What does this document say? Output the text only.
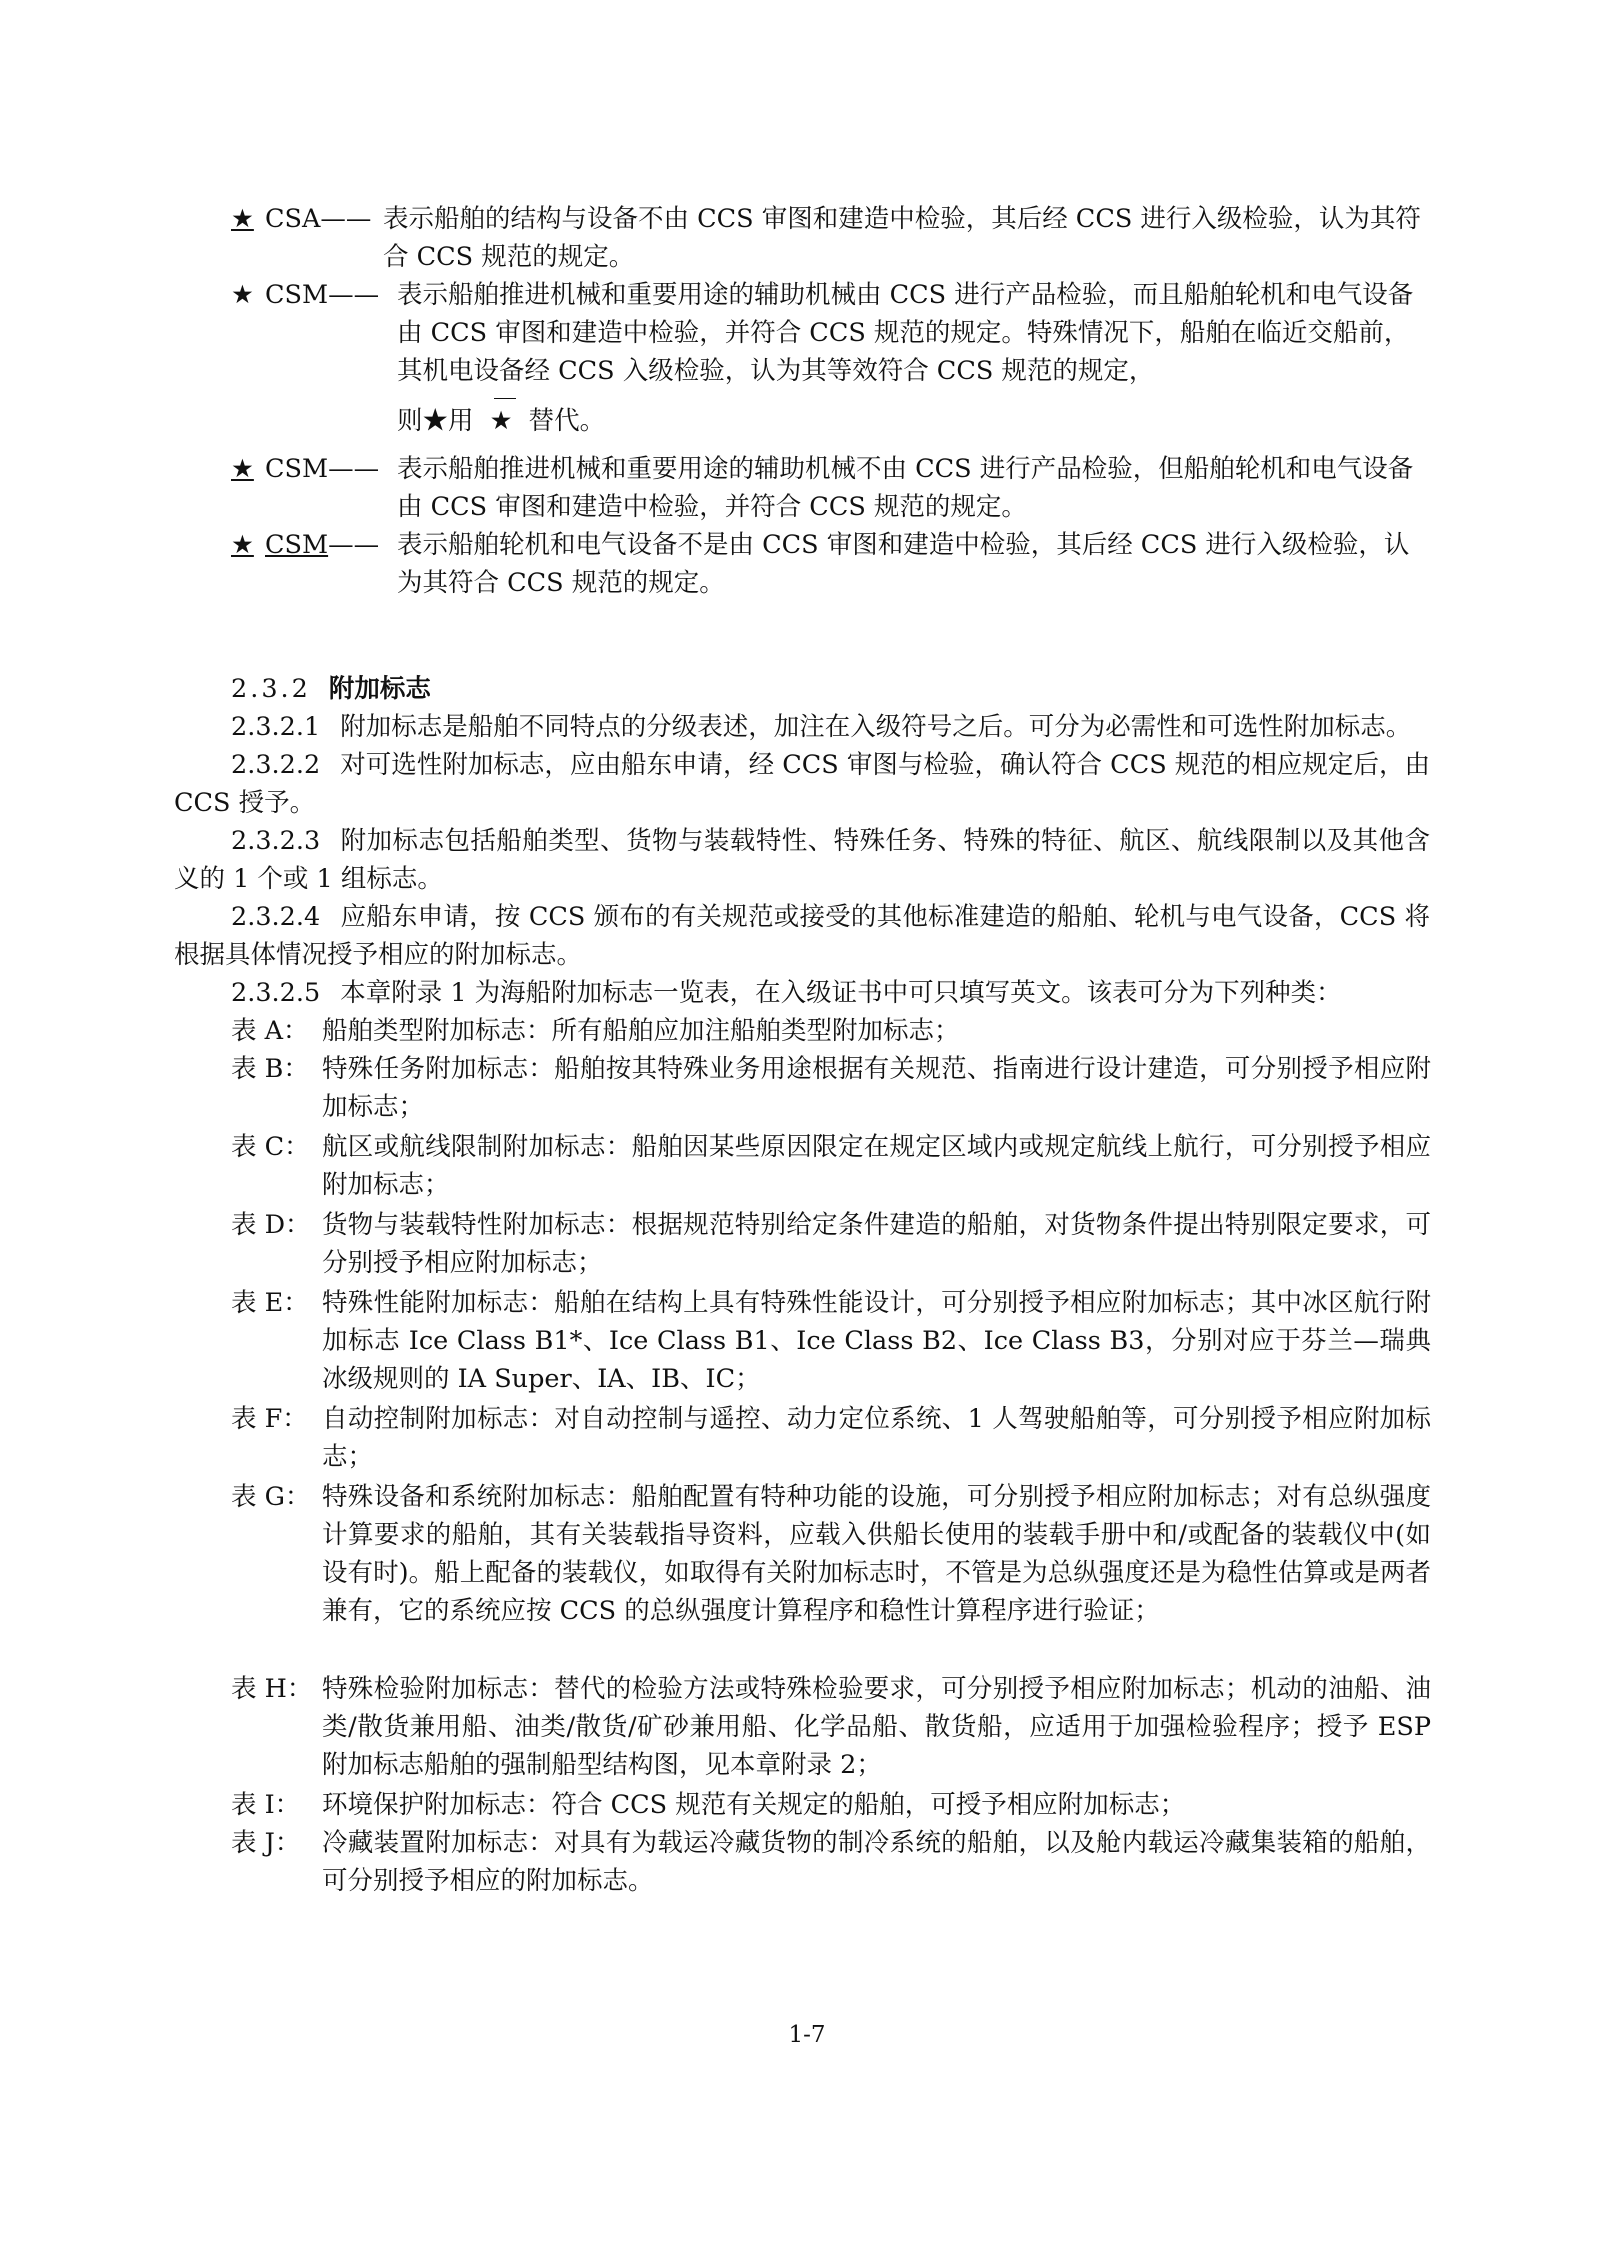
★ CSA—— 表示船舶的结构与设备不由 CCS 审图和建造中检验，其后经 CCS 进行入级检验，认为其符合 CCS 规范的规定。
★ CSM—— 表示船舶推进机械和重要用途的辅助机械由 CCS 进行产品检验，而且船舶轮机和电气设备由 CCS 审图和建造中检验，并符合 CCS 规范的规定。特殊情况下，船舶在临近交船前，其机电设备经 CCS 入级检验，认为其等效符合 CCS 规范的规定，
则★用 ★ 替代。
★ CSM—— 表示船舶推进机械和重要用途的辅助机械不由 CCS 进行产品检验，但船舶轮机和电气设备由 CCS 审图和建造中检验，并符合 CCS 规范的规定。
★ CSM—— 表示船舶轮机和电气设备不是由 CCS 审图和建造中检验，其后经 CCS 进行入级检验，认为其符合 CCS 规范的规定。
2.3.2 附加标志
2.3.2.1 附加标志是船舶不同特点的分级表述，加注在入级符号之后。可分为必需性和可选性附加标志。
2.3.2.2 对可选性附加标志，应由船东申请，经 CCS 审图与检验，确认符合 CCS 规范的相应规定后，由 CCS 授予。
2.3.2.3 附加标志包括船舶类型、货物与装载特性、特殊任务、特殊的特征、航区、航线限制以及其他含义的 1 个或 1 组标志。
2.3.2.4 应船东申请，按 CCS 颁布的有关规范或接受的其他标准建造的船舶、轮机与电气设备，CCS 将根据具体情况授予相应的附加标志。
2.3.2.5 本章附录 1 为海船附加标志一览表，在入级证书中可只填写英文。该表可分为下列种类：
表 A： 船舶类型附加标志：所有船舶应加注船舶类型附加标志；
表 B： 特殊任务附加标志：船舶按其特殊业务用途根据有关规范、指南进行设计建造，可分别授予相应附加标志；
表 C： 航区或航线限制附加标志：船舶因某些原因限定在规定区域内或规定航线上航行，可分别授予相应附加标志；
表 D： 货物与装载特性附加标志：根据规范特别给定条件建造的船舶，对货物条件提出特别限定要求，可分别授予相应附加标志；
表 E： 特殊性能附加标志：船舶在结构上具有特殊性能设计，可分别授予相应附加标志；其中冰区航行附加标志 Ice Class B1*、Ice Class B1、Ice Class B2、Ice Class B3，分别对应于芬兰—瑞典冰级规则的 IA Super、IA、IB、IC；
表 F： 自动控制附加标志：对自动控制与遥控、动力定位系统、1 人驾驶船舶等，可分别授予相应附加标志；
表 G： 特殊设备和系统附加标志：船舶配置有特种功能的设施，可分别授予相应附加标志；对有总纵强度计算要求的船舶，其有关装载指导资料，应载入供船长使用的装载手册中和/或配备的装载仪中(如设有时)。船上配备的装载仪，如取得有关附加标志时，不管是为总纵强度还是为稳性估算或是两者兼有，它的系统应按 CCS 的总纵强度计算程序和稳性计算程序进行验证；
表 H： 特殊检验附加标志：替代的检验方法或特殊检验要求，可分别授予相应附加标志；机动的油船、油类/散货兼用船、油类/散货/矿砂兼用船、化学品船、散货船，应适用于加强检验程序；授予 ESP 附加标志船舶的强制船型结构图，见本章附录 2；
表 I： 环境保护附加标志：符合 CCS 规范有关规定的船舶，可授予相应附加标志；
表 J： 冷藏装置附加标志：对具有为载运冷藏货物的制冷系统的船舶，以及舱内载运冷藏集装箱的船舶，可分别授予相应的附加标志。
1-7
